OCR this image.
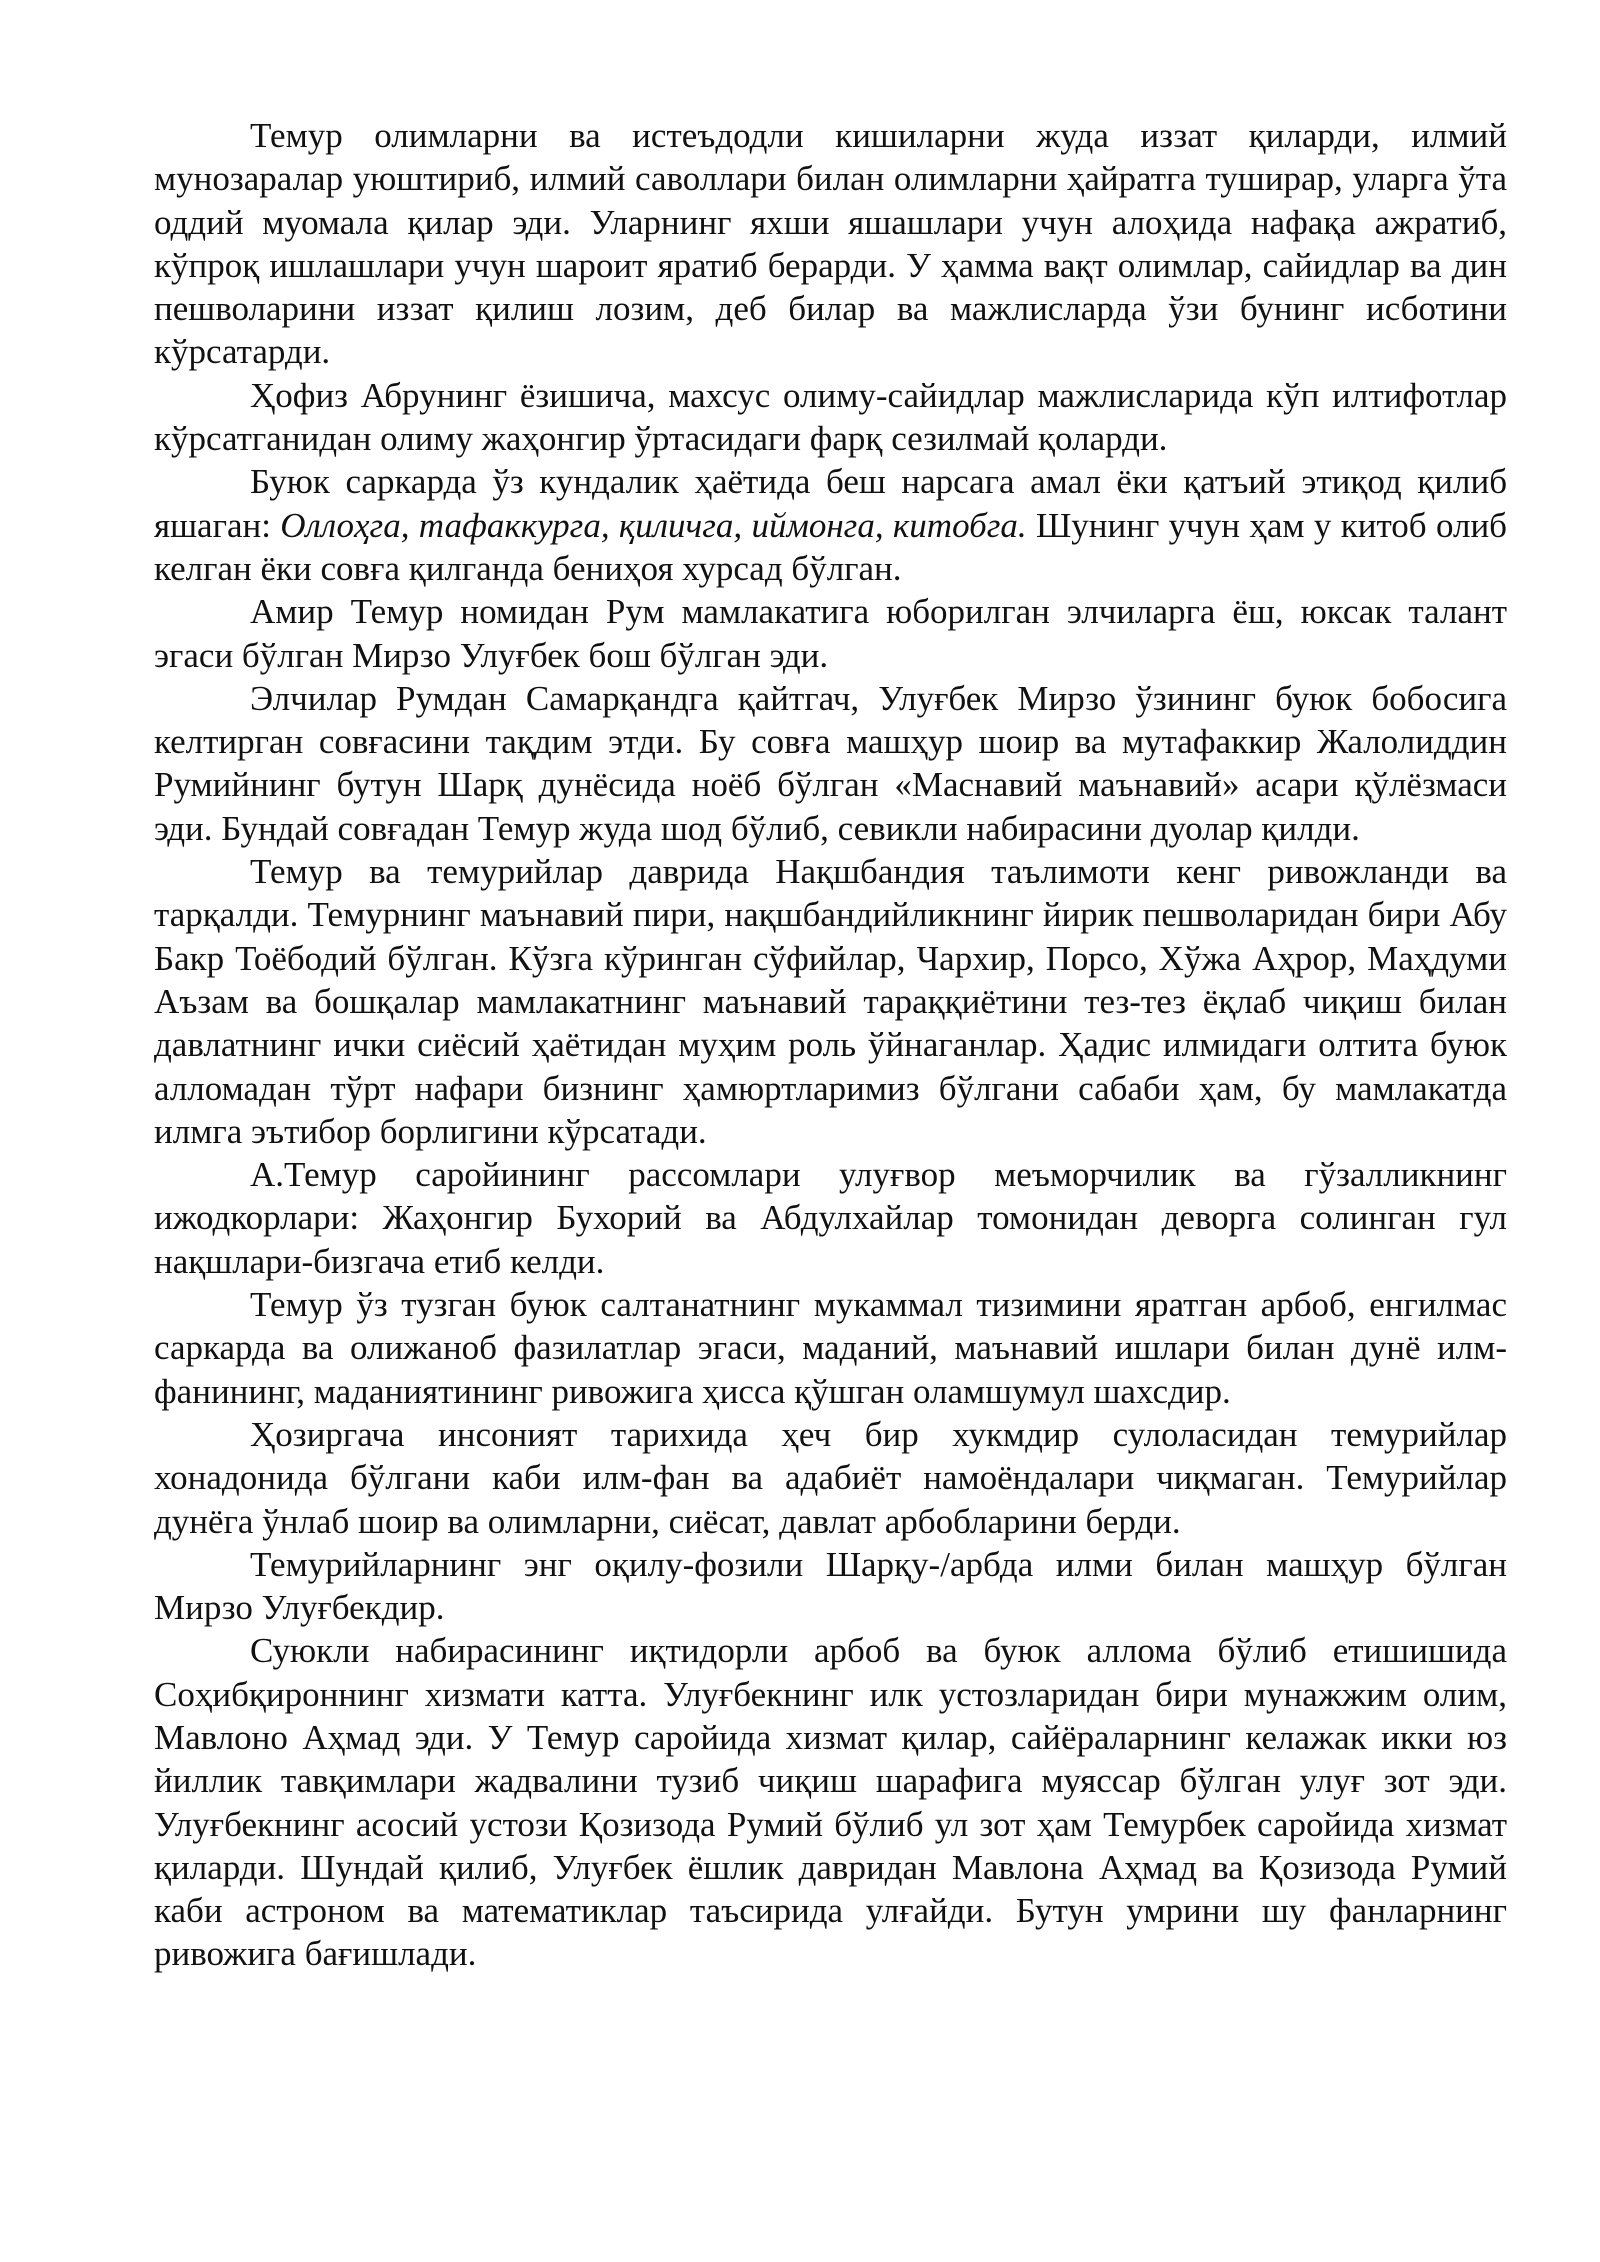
Темур олимларни ва истеъдодли кишиларни жуда иззат қиларди, илмий мунозаралар уюштириб, илмий саволлари билан олимларни ҳайратга туширар, уларга ўта оддий муомала қилар эди. Уларнинг яхши яшашлари учун алоҳида нафақа ажратиб, кўпроқ ишлашлари учун шароит яратиб берарди. У ҳамма вақт олимлар, сайидлар ва дин пешволарини иззат қилиш лозим, деб билар ва мажлисларда ўзи бунинг исботини кўрсатарди.

Ҳофиз Абрунинг ёзишича, махсус олиму-сайидлар мажлисларида кўп илтифотлар кўрсатганидан олиму жаҳонгир ўртасидаги фарқ сезилмай қоларди.

Буюк саркарда ўз кундалик ҳаётида беш нарсага амал ёки қатъий этиқод қилиб яшаган: Оллоҳга, тафаккурга, қиличга, иймонга, китобга. Шунинг учун ҳам у китоб олиб келган ёки совға қилганда бениҳоя хурсад бўлган.

Амир Темур номидан Рум мамлакатига юборилган элчиларга ёш, юксак талант эгаси бўлган Мирзо Улуғбек бош бўлган эди.

Элчилар Румдан Самарқандга қайтгач, Улуғбек Мирзо ўзининг буюк бобосига келтирган совғасини тақдим этди. Бу совға машҳур шоир ва мутафаккир Жалолиддин Румийнинг бутун Шарқ дунёсида ноёб бўлган «Маснавий маънавий» асари қўлёзмаси эди. Бундай совғадан Темур жуда шод бўлиб, севикли набирасини дуолар қилди.

Темур ва темурийлар даврида Нақшбандия таълимоти кенг ривожланди ва тарқалди. Темурнинг маънавий пири, нақшбандийликнинг йирик пешволаридан бири Абу Бакр Тоёбодий бўлган. Кўзга кўринган сўфийлар, Чархир, Порсо, Хўжа Аҳрор, Маҳдуми Аъзам ва бошқалар мамлакатнинг маънавий тараққиётини тез-тез ёқлаб чиқиш билан давлатнинг ички сиёсий ҳаётидан муҳим роль ўйнаганлар. Ҳадис илмидаги олтита буюк алломадан тўрт нафари бизнинг ҳамюртларимиз бўлгани сабаби ҳам, бу мамлакатда илмга эътибор борлигини кўрсатади.

А.Темур саройининг рассомлари улуғвор меъморчилик ва гўзалликнинг ижодкорлари: Жаҳонгир Бухорий ва Абдулхайлар томонидан деворга солинган гул нақшлари-бизгача етиб келди.

Темур ўз тузган буюк салтанатнинг мукаммал тизимини яратган арбоб, енгилмас саркарда ва олижаноб фазилатлар эгаси, маданий, маънавий ишлари билан дунё илм-фанининг, маданиятининг ривожига ҳисса қўшган оламшумул шахсдир.

Ҳозиргача инсоният тарихида ҳеч бир хукмдир сулоласидан темурийлар хонадонида бўлгани каби илм-фан ва адабиёт намоёндалари чиқмаган. Темурийлар дунёга ўнлаб шоир ва олимларни, сиёсат, давлат арбобларини берди.

Темурийларнинг энг оқилу-фозили Шарқу-/арбда илми билан машҳур бўлган Мирзо Улуғбекдир.

Суюкли набирасининг иқтидорли арбоб ва буюк аллома бўлиб етишишида Соҳибқироннинг хизмати катта. Улуғбекнинг илк устозларидан бири мунажжим олим, Мавлоно Аҳмад эди. У Темур саройида хизмат қилар, сайёраларнинг келажак икки юз йиллик тавқимлари жадвалини тузиб чиқиш шарафига муяссар бўлган улуғ зот эди. Улуғбекнинг асосий устози Қозизода Румий бўлиб ул зот ҳам Темурбек саройида хизмат қиларди. Шундай қилиб, Улуғбек ёшлик давридан Мавлона Аҳмад ва Қозизода Румий каби астроном ва математиклар таъсирида улғайди. Бутун умрини шу фанларнинг ривожига бағишлади.
